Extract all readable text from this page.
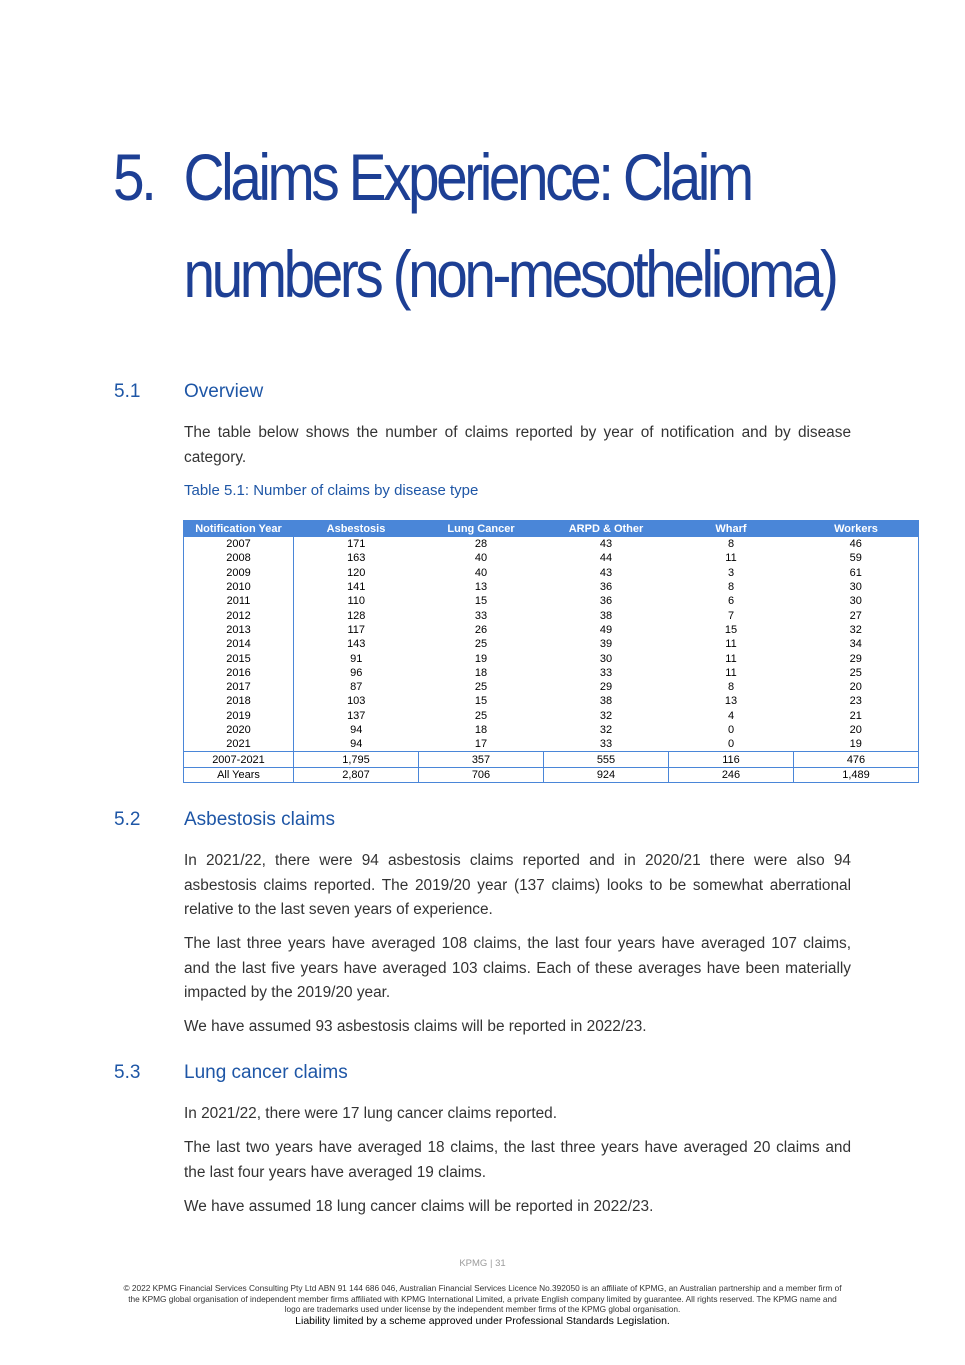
5. Claims Experience: Claim
numbers (non-mesothelioma)
5.1 Overview

The table below shows the number of claims reported by year of notification and by disease category.

Table 5.1: Number of claims by disease type
Notification Year	Asbestosis	Lung Cancer	ARPD & Other	Wharf	Workers
2007	171	28	43	8	46
2008	163	40	44	11	59
2009	120	40	43	3	61
2010	141	13	36	8	30
2011	110	15	36	6	30
2012	128	33	38	7	27
2013	117	26	49	15	32
2014	143	25	39	11	34
2015	91	19	30	11	29
2016	96	18	33	11	25
2017	87	25	29	8	20
2018	103	15	38	13	23
2019	137	25	32	4	21
2020	94	18	32	0	20
2021	94	17	33	0	19
2007-2021	1,795	357	555	116	476
All Years	2,807	706	924	246	1,489
5.2 Asbestosis claims

In 2021/22, there were 94 asbestosis claims reported and in 2020/21 there were also 94 asbestosis claims reported. The 2019/20 year (137 claims) looks to be somewhat aberrational relative to the last seven years of experience.

The last three years have averaged 108 claims, the last four years have averaged 107 claims, and the last five years have averaged 103 claims. Each of these averages have been materially impacted by the 2019/20 year.

We have assumed 93 asbestosis claims will be reported in 2022/23.

5.3 Lung cancer claims

In 2021/22, there were 17 lung cancer claims reported.

The last two years have averaged 18 claims, the last three years have averaged 20 claims and the last four years have averaged 19 claims.

We have assumed 18 lung cancer claims will be reported in 2022/23.

KPMG | 31
© 2022 KPMG Financial Services Consulting Pty Ltd ABN 91 144 686 046, Australian Financial Services Licence No.392050 is an affiliate of KPMG, an Australian partnership and a member firm of the KPMG global organisation of independent member firms affiliated with KPMG International Limited, a private English company limited by guarantee. All rights reserved. The KPMG name and logo are trademarks used under license by the independent member firms of the KPMG global organisation.
Liability limited by a scheme approved under Professional Standards Legislation.
